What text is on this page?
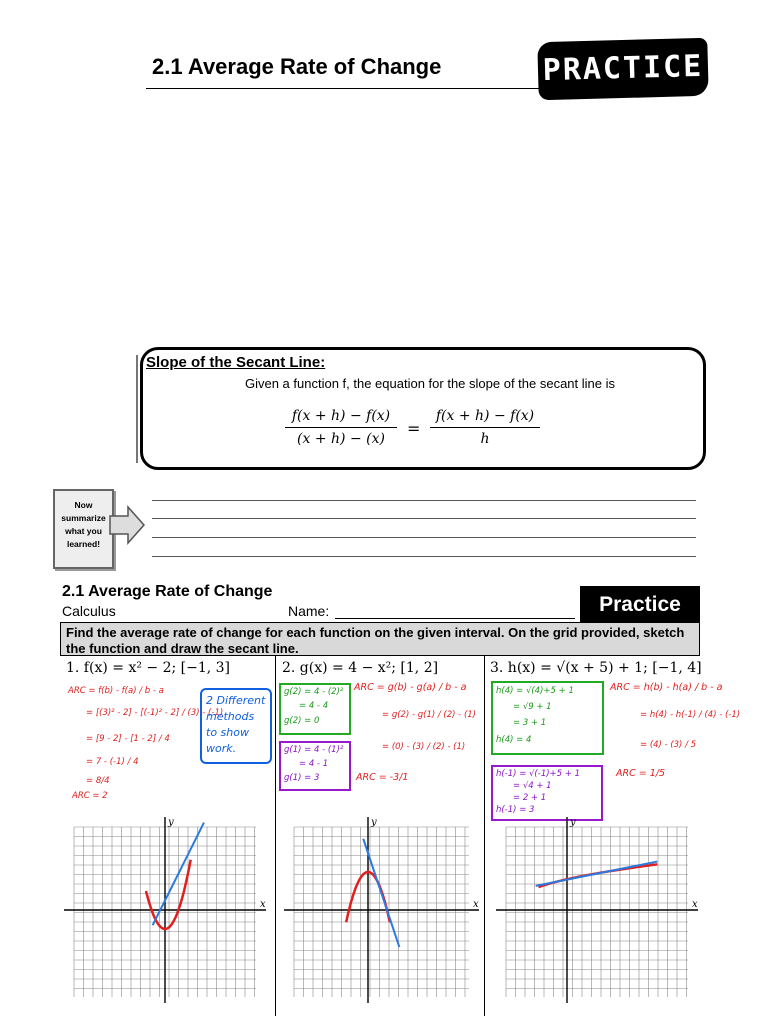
2.1 Average Rate of Change	PRACTICE
Slope of the Secant Line:
Given a function f, the equation for the slope of the secant line is
$\frac{f(x + h) - f(x)}{(x + h) - (x)} = \frac{f(x + h) - f(x)}{h}$
Now summarize what you learned!
2.1 Average Rate of Change
Calculus	Name:	Practice
Find the average rate of change for each function on the given interval. On the grid provided, sketch the function and draw the secant line.
1. f(x) = x² − 2; [−1, 3]	2. g(x) = 4 − x²; [1, 2]	3. h(x) = √(x + 5) + 1; [−1, 4]
ARC = f(b) - f(a) / b - a
= [(3)² - 2] - [(-1)² - 2] / (3) - (-1)
= [9 - 2] - [1 - 2] / 4
= 7 - (-1) / 4
= 8/4
ARC = 2
2 Different methods to show work.
g(2) = 4 - (2)²
= 4 - 4
g(2) = 0
g(1) = 4 - (1)²
= 4 - 1
g(1) = 3
ARC = g(b) - g(a) / b - a
= g(2) - g(1) / (2) - (1)
= (0) - (3) / (2) - (1)
ARC = -3/1
h(4) = √(4)+5 + 1
= √9 + 1
= 3 + 1
h(4) = 4
h(-1) = √(-1)+5 + 1
= √4 + 1
= 2 + 1
h(-1) = 3
ARC = h(b) - h(a) / b - a
= h(4) - h(-1) / (4) - (-1)
= (4) - (3) / 5
ARC = 1/5
x
y
x
y
x
y
